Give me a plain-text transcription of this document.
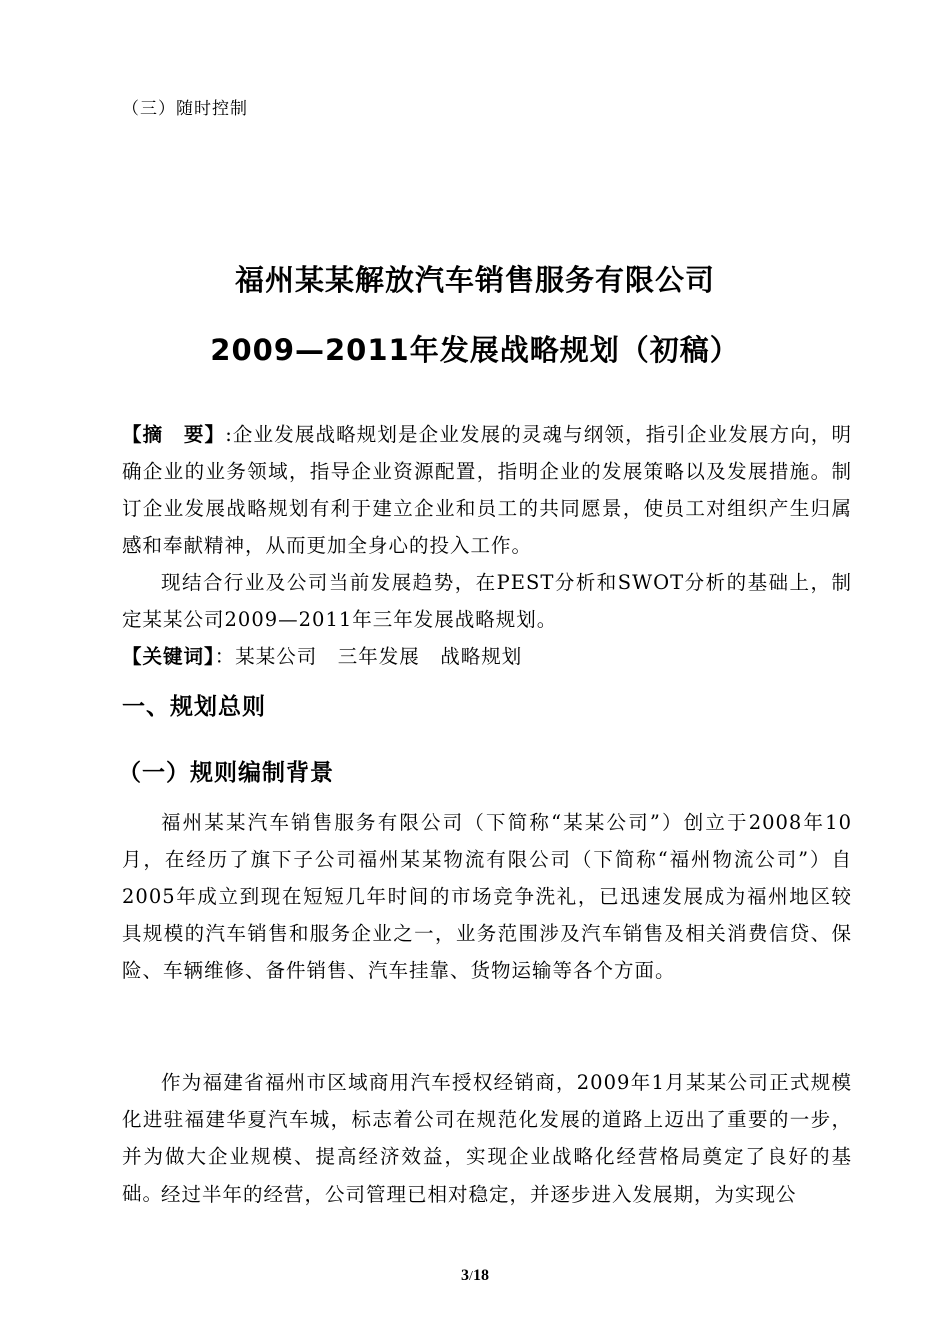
（三）随时控制
福州某某解放汽车销售服务有限公司
2009—2011年发展战略规划（初稿）
【摘　要】:企业发展战略规划是企业发展的灵魂与纲领，指引企业发展方向，明确企业的业务领域，指导企业资源配置，指明企业的发展策略以及发展措施。制订企业发展战略规划有利于建立企业和员工的共同愿景，使员工对组织产生归属感和奉献精神，从而更加全身心的投入工作。
现结合行业及公司当前发展趋势，在PEST分析和SWOT分析的基础上，制定某某公司2009—2011年三年发展战略规划。
【关键词】：某某公司　三年发展　战略规划
一、规划总则
（一）规则编制背景
福州某某汽车销售服务有限公司（下简称“某某公司”）创立于2008年10月，在经历了旗下子公司福州某某物流有限公司（下简称“福州物流公司”）自2005年成立到现在短短几年时间的市场竞争洗礼，已迅速发展成为福州地区较具规模的汽车销售和服务企业之一，业务范围涉及汽车销售及相关消费信贷、保险、车辆维修、备件销售、汽车挂靠、货物运输等各个方面。
作为福建省福州市区域商用汽车授权经销商，2009年1月某某公司正式规模化进驻福建华夏汽车城，标志着公司在规范化发展的道路上迈出了重要的一步，并为做大企业规模、提高经济效益，实现企业战略化经营格局奠定了良好的基础。
经过半年的经营，公司管理已相对稳定，并逐步进入发展期，为实现公
3/18
